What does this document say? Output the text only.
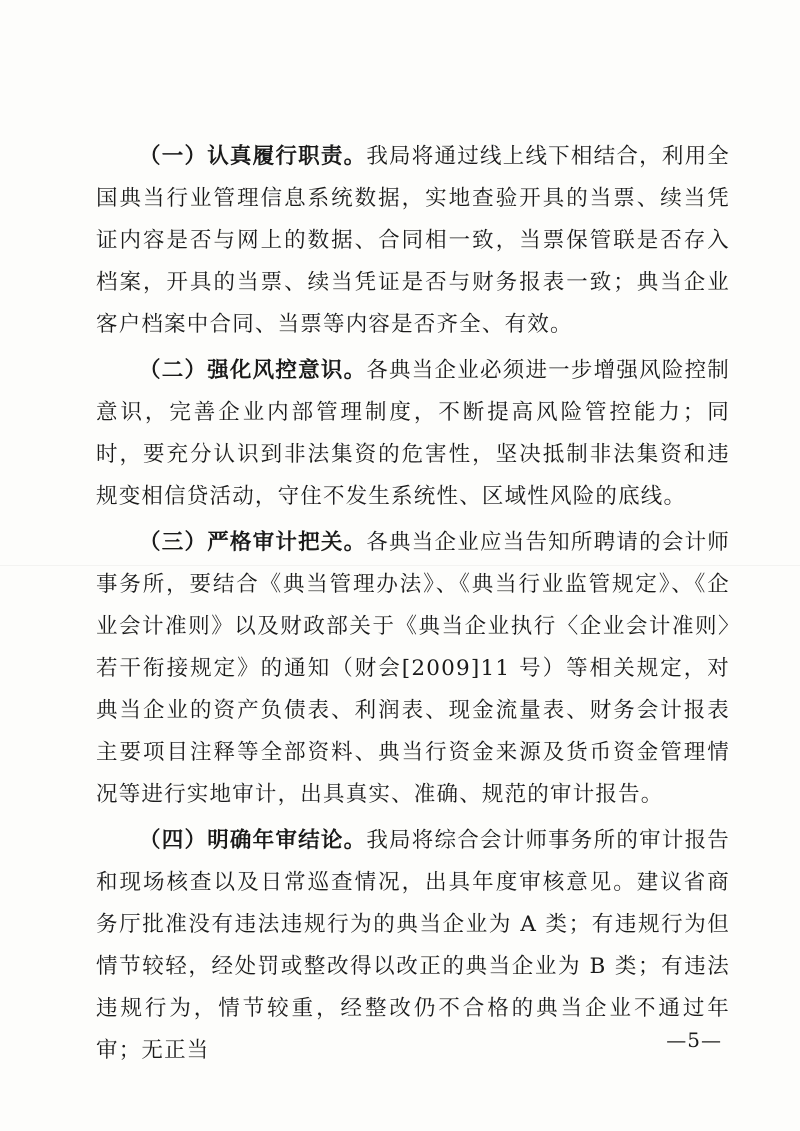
（一）认真履行职责。我局将通过线上线下相结合，利用全国典当行业管理信息系统数据，实地查验开具的当票、续当凭证内容是否与网上的数据、合同相一致，当票保管联是否存入档案，开具的当票、续当凭证是否与财务报表一致；典当企业客户档案中合同、当票等内容是否齐全、有效。

（二）强化风控意识。各典当企业必须进一步增强风险控制意识，完善企业内部管理制度，不断提高风险管控能力；同时，要充分认识到非法集资的危害性，坚决抵制非法集资和违规变相信贷活动，守住不发生系统性、区域性风险的底线。

（三）严格审计把关。各典当企业应当告知所聘请的会计师事务所，要结合《典当管理办法》、《典当行业监管规定》、《企业会计准则》以及财政部关于《典当企业执行〈企业会计准则〉若干衔接规定》的通知（财会[2009]11 号）等相关规定，对典当企业的资产负债表、利润表、现金流量表、财务会计报表主要项目注释等全部资料、典当行资金来源及货币资金管理情况等进行实地审计，出具真实、准确、规范的审计报告。

（四）明确年审结论。我局将综合会计师事务所的审计报告和现场核查以及日常巡查情况，出具年度审核意见。建议省商务厅批准没有违法违规行为的典当企业为 A 类；有违规行为但情节较轻，经处罚或整改得以改正的典当企业为 B 类；有违法违规行为，情节较重，经整改仍不合格的典当企业不通过年审；无正当	—5—
